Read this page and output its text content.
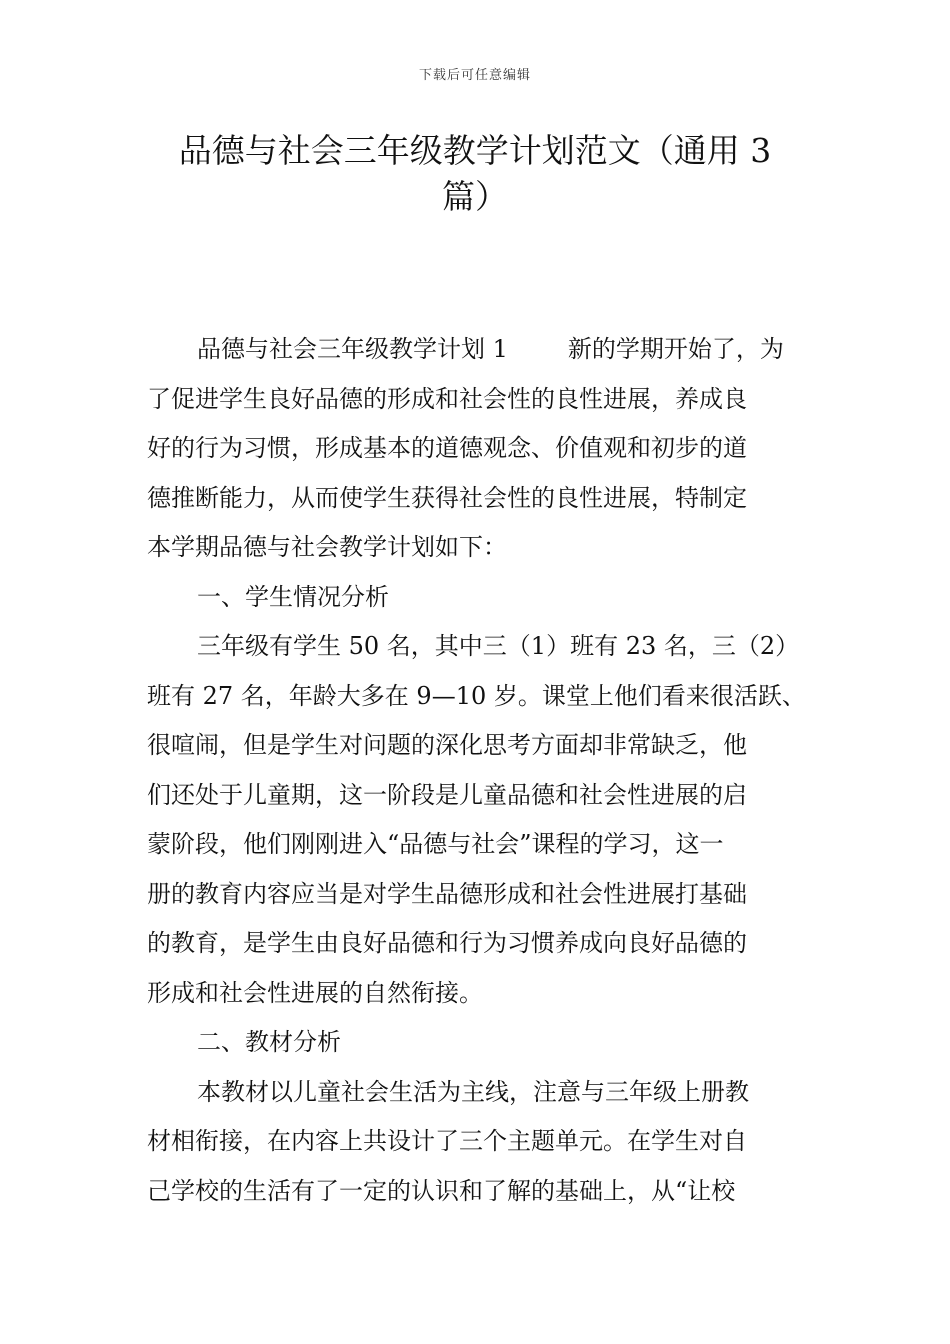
下载后可任意编辑
品德与社会三年级教学计划范文（通用 3
篇）
品德与社会三年级教学计划 1	新的学期开始了，为
了促进学生良好品德的形成和社会性的良性进展，养成良
好的行为习惯，形成基本的道德观念、价值观和初步的道
德推断能力，从而使学生获得社会性的良性进展，特制定
本学期品德与社会教学计划如下：
一、学生情况分析
三年级有学生 50 名，其中三（1）班有 23 名，三（2）
班有 27 名，年龄大多在 9—10 岁。课堂上他们看来很活跃、
很喧闹，但是学生对问题的深化思考方面却非常缺乏，他
们还处于儿童期，这一阶段是儿童品德和社会性进展的启
蒙阶段，他们刚刚进入“品德与社会”课程的学习，这一
册的教育内容应当是对学生品德形成和社会性进展打基础
的教育，是学生由良好品德和行为习惯养成向良好品德的
形成和社会性进展的自然衔接。
二、教材分析
本教材以儿童社会生活为主线，注意与三年级上册教
材相衔接，在内容上共设计了三个主题单元。在学生对自
己学校的生活有了一定的认识和了解的基础上，从“让校
